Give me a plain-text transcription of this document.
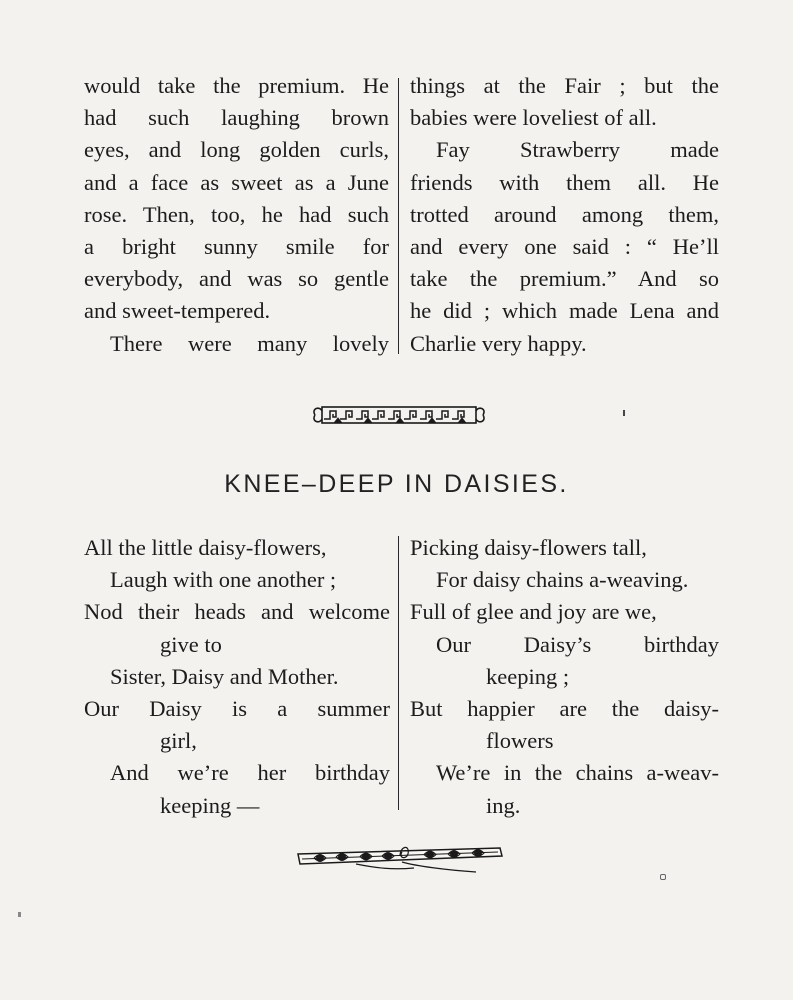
would take the premium. He
had such laughing brown
eyes, and long golden curls,
and a face as sweet as a June
rose. Then, too, he had such
a bright sunny smile for
everybody, and was so gentle
and sweet-tempered.
There were many lovely
things at the Fair ; but the
babies were loveliest of all.
Fay Strawberry made
friends with them all. He
trotted around among them,
and every one said : “ He’ll
take the premium.” And so
he did ; which made Lena and
Charlie very happy.
KNEE–DEEP IN DAISIES.
All the little daisy-flowers,
Laugh with one another ;
Nod their heads and welcome
give to
Sister, Daisy and Mother.
Our Daisy is a summer
girl,
And we’re her birthday
keeping —
Picking daisy-flowers tall,
For daisy chains a-weaving.
Full of glee and joy are we,
Our Daisy’s birthday
keeping ;
But happier are the daisy-
flowers
We’re in the chains a-weav-
ing.
